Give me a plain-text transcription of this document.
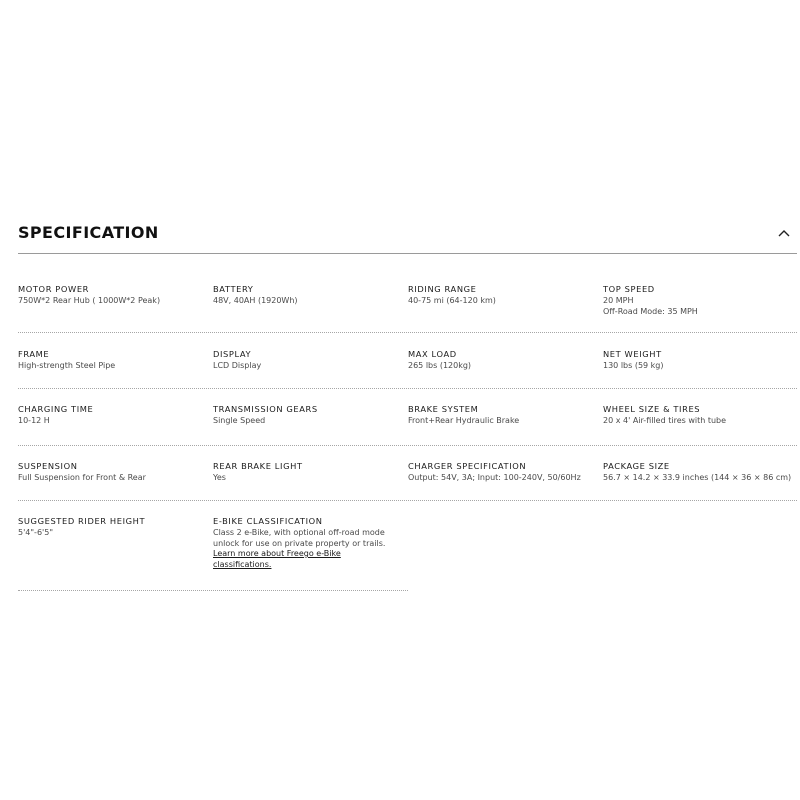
SPECIFICATION
MOTOR POWER
750W*2 Rear Hub ( 1000W*2 Peak)
BATTERY
48V, 40AH (1920Wh)
RIDING RANGE
40-75 mi (64-120 km)
TOP SPEED
20 MPH
Off-Road Mode: 35 MPH
FRAME
High-strength Steel Pipe
DISPLAY
LCD Display
MAX LOAD
265 lbs (120kg)
NET WEIGHT
130 lbs (59 kg)
CHARGING TIME
10-12 H
TRANSMISSION GEARS
Single Speed
BRAKE SYSTEM
Front+Rear Hydraulic Brake
WHEEL SIZE & TIRES
20 x 4' Air-filled tires with tube
SUSPENSION
Full Suspension for Front & Rear
REAR BRAKE LIGHT
Yes
CHARGER SPECIFICATION
Output: 54V, 3A; Input: 100-240V, 50/60Hz
PACKAGE SIZE
56.7 × 14.2 × 33.9 inches (144 × 36 × 86 cm)
SUGGESTED RIDER HEIGHT
5'4"-6'5"
E-BIKE CLASSIFICATION
Class 2 e-Bike, with optional off-road mode
unlock for use on private property or trails.
Learn more about Freego e-Bike
classifications.
